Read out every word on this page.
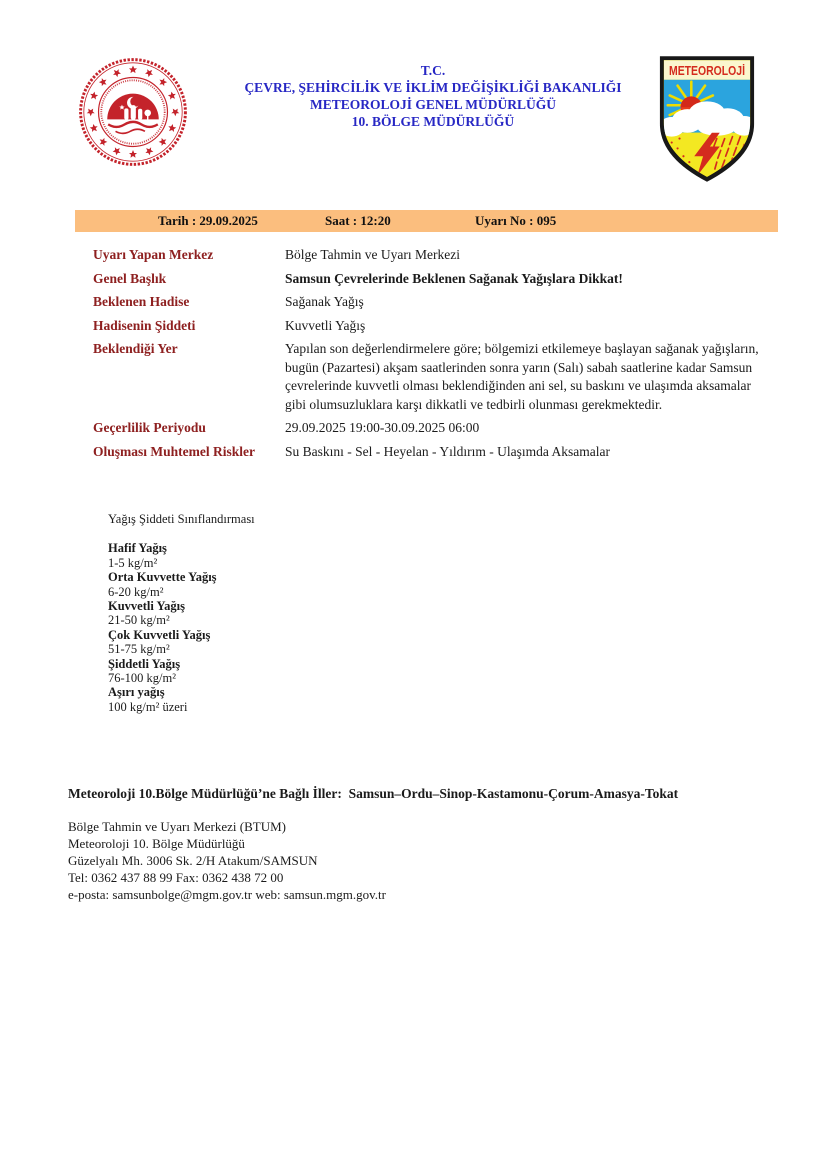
T.C.
ÇEVRE, ŞEHİRCİLİK VE İKLİM DEĞİŞİKLİĞİ BAKANLIĞI
METEOROLOJİ GENEL MÜDÜRLÜĞÜ
10. BÖLGE MÜDÜRLÜĞÜ
METEOROLOJİ
Tarih : 29.09.2025	Saat : 12:20	Uyarı No : 095
Uyarı Yapan Merkez	Bölge Tahmin ve Uyarı Merkezi
Genel Başlık	Samsun Çevrelerinde Beklenen Sağanak Yağışlara Dikkat!
Beklenen Hadise	Sağanak Yağış
Hadisenin Şiddeti	Kuvvetli Yağış
Beklendiği Yer	Yapılan son değerlendirmelere göre; bölgemizi etkilemeye başlayan sağanak yağışların, bugün (Pazartesi) akşam saatlerinden sonra yarın (Salı) sabah saatlerine kadar Samsun çevrelerinde kuvvetli olması beklendiğinden ani sel, su baskını ve ulaşımda aksamalar gibi olumsuzluklara karşı dikkatli ve tedbirli olunması gerekmektedir.
Geçerlilik Periyodu	29.09.2025 19:00-30.09.2025 06:00
Oluşması Muhtemel Riskler	Su Baskını - Sel - Heyelan - Yıldırım - Ulaşımda Aksamalar

Yağış Şiddeti Sınıflandırması

Hafif Yağış
1-5 kg/m²
Orta Kuvvette Yağış
6-20 kg/m²
Kuvvetli Yağış
21-50 kg/m²
Çok Kuvvetli Yağış
51-75 kg/m²
Şiddetli Yağış
76-100 kg/m²
Aşırı yağış
100 kg/m² üzeri
Meteoroloji 10.Bölge Müdürlüğü’ne Bağlı İller:  Samsun–Ordu–Sinop-Kastamonu-Çorum-Amasya-Tokat
Bölge Tahmin ve Uyarı Merkezi (BTUM)
Meteoroloji 10. Bölge Müdürlüğü
Güzelyalı Mh. 3006 Sk. 2/H Atakum/SAMSUN
Tel: 0362 437 88 99 Fax: 0362 438 72 00
e-posta: samsunbolge@mgm.gov.tr web: samsun.mgm.gov.tr
